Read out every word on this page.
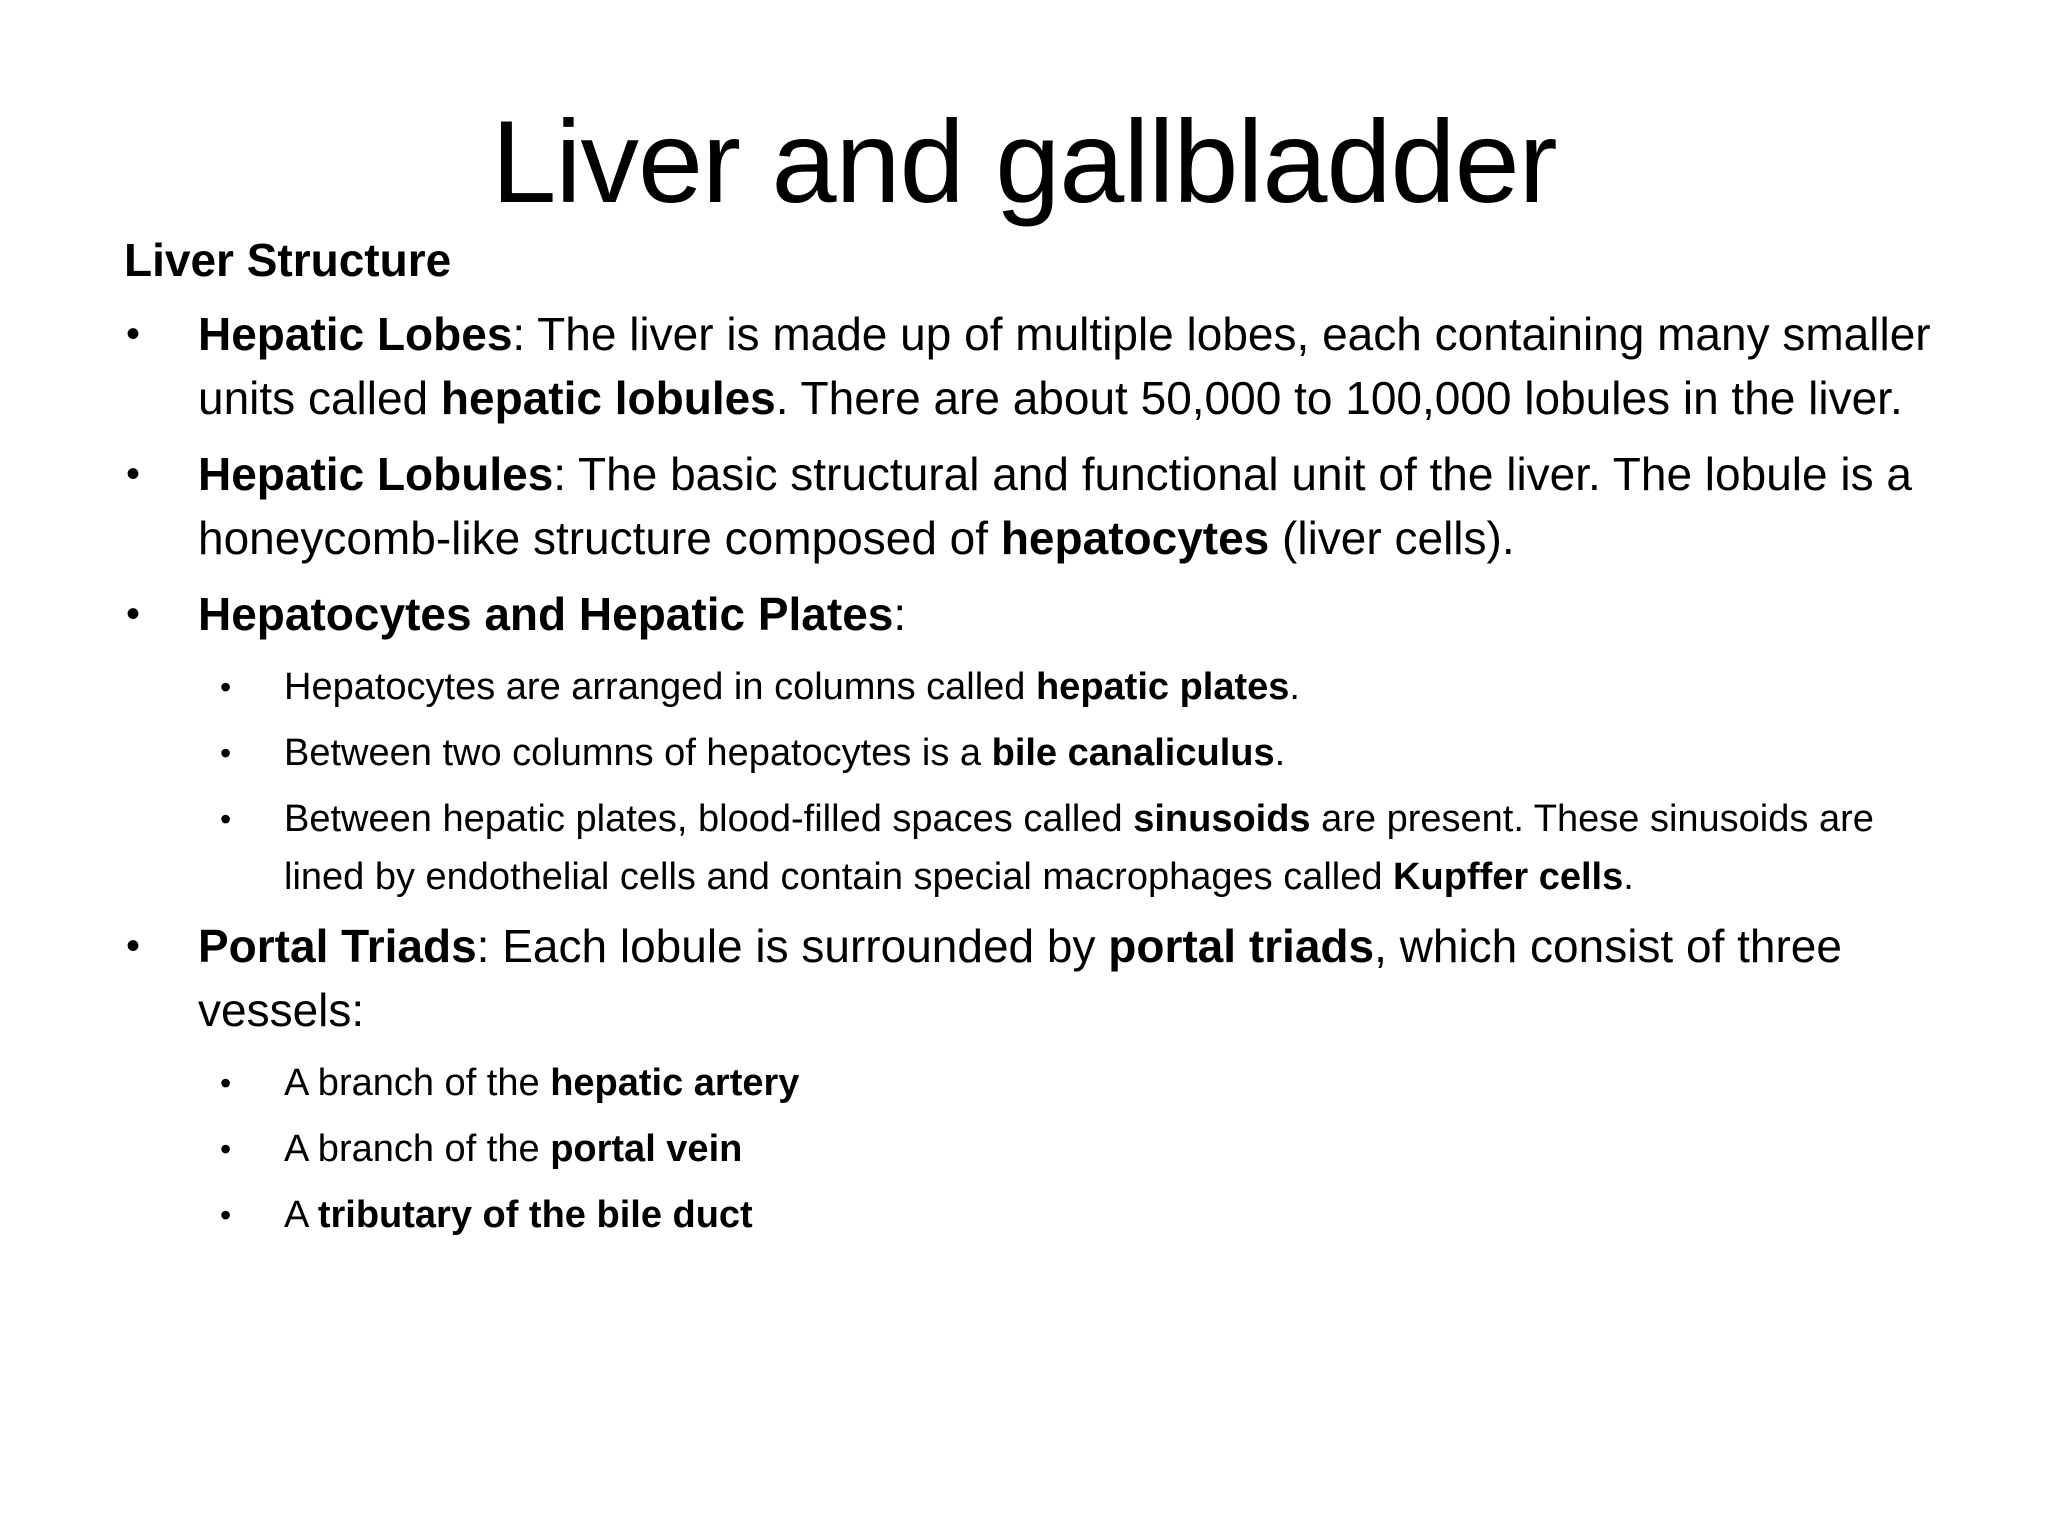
Liver and gallbladder
Liver Structure
• Hepatic Lobes: The liver is made up of multiple lobes, each containing many smaller units called hepatic lobules. There are about 50,000 to 100,000 lobules in the liver.
• Hepatic Lobules: The basic structural and functional unit of the liver. The lobule is a honeycomb-like structure composed of hepatocytes (liver cells).
• Hepatocytes and Hepatic Plates:
• Hepatocytes are arranged in columns called hepatic plates.
• Between two columns of hepatocytes is a bile canaliculus.
• Between hepatic plates, blood-filled spaces called sinusoids are present. These sinusoids are lined by endothelial cells and contain special macrophages called Kupffer cells.
• Portal Triads: Each lobule is surrounded by portal triads, which consist of three vessels:
• A branch of the hepatic artery
• A branch of the portal vein
• A tributary of the bile duct
